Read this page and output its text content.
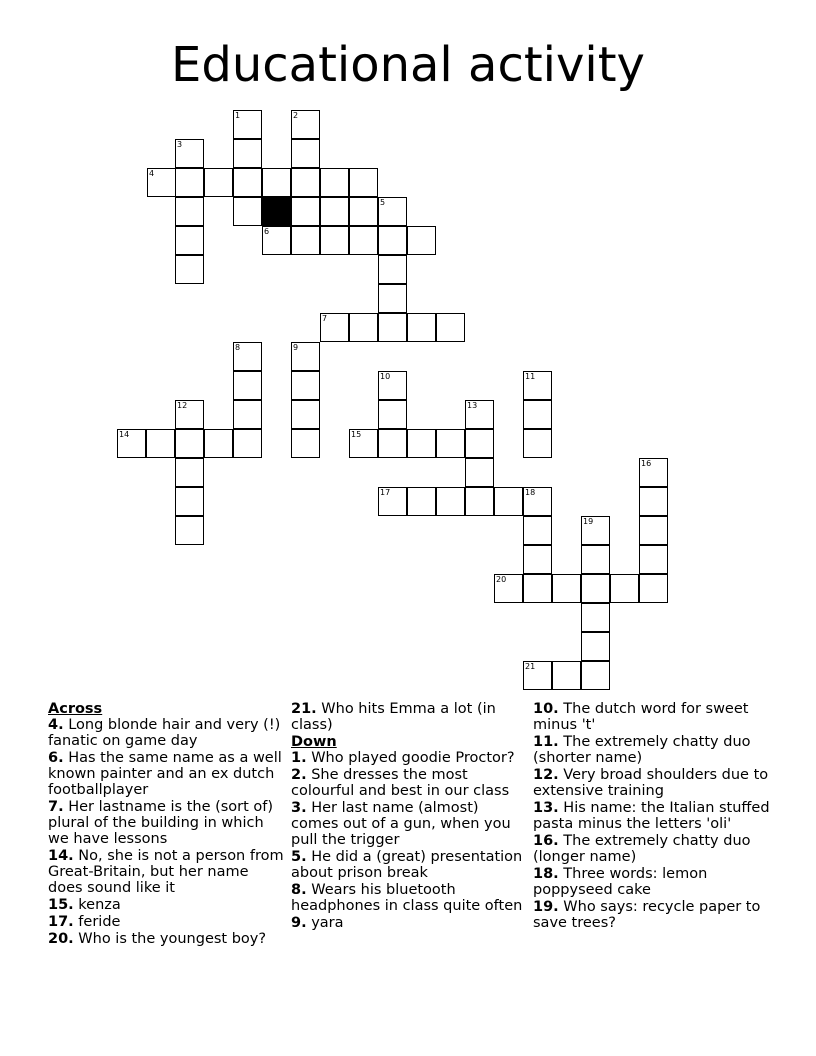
Educational activity
4
3
1	2
5
6
7
8	9
14
12
10
15
13
11
17	18
16
19
20
21
Across
4. Long blonde hair and very (!) fanatic on game day
6. Has the same name as a well known painter and an ex dutch footballplayer
7. Her lastname is the (sort of) plural of the building in which we have lessons
14. No, she is not a person from Great-Britain, but her name does sound like it
15. kenza
17. feride
20. Who is the youngest boy?
21. Who hits Emma a lot (in class)
Down
1. Who played goodie Proctor?
2. She dresses the most colourful and best in our class
3. Her last name (almost) comes out of a gun, when you pull the trigger
5. He did a (great) presentation about prison break
8. Wears his bluetooth headphones in class quite often
9. yara
10. The dutch word for sweet minus 't'
11. The extremely chatty duo (shorter name)
12. Very broad shoulders due to extensive training
13. His name: the Italian stuffed pasta minus the letters 'oli'
16. The extremely chatty duo (longer name)
18. Three words: lemon poppyseed cake
19. Who says: recycle paper to save trees?
